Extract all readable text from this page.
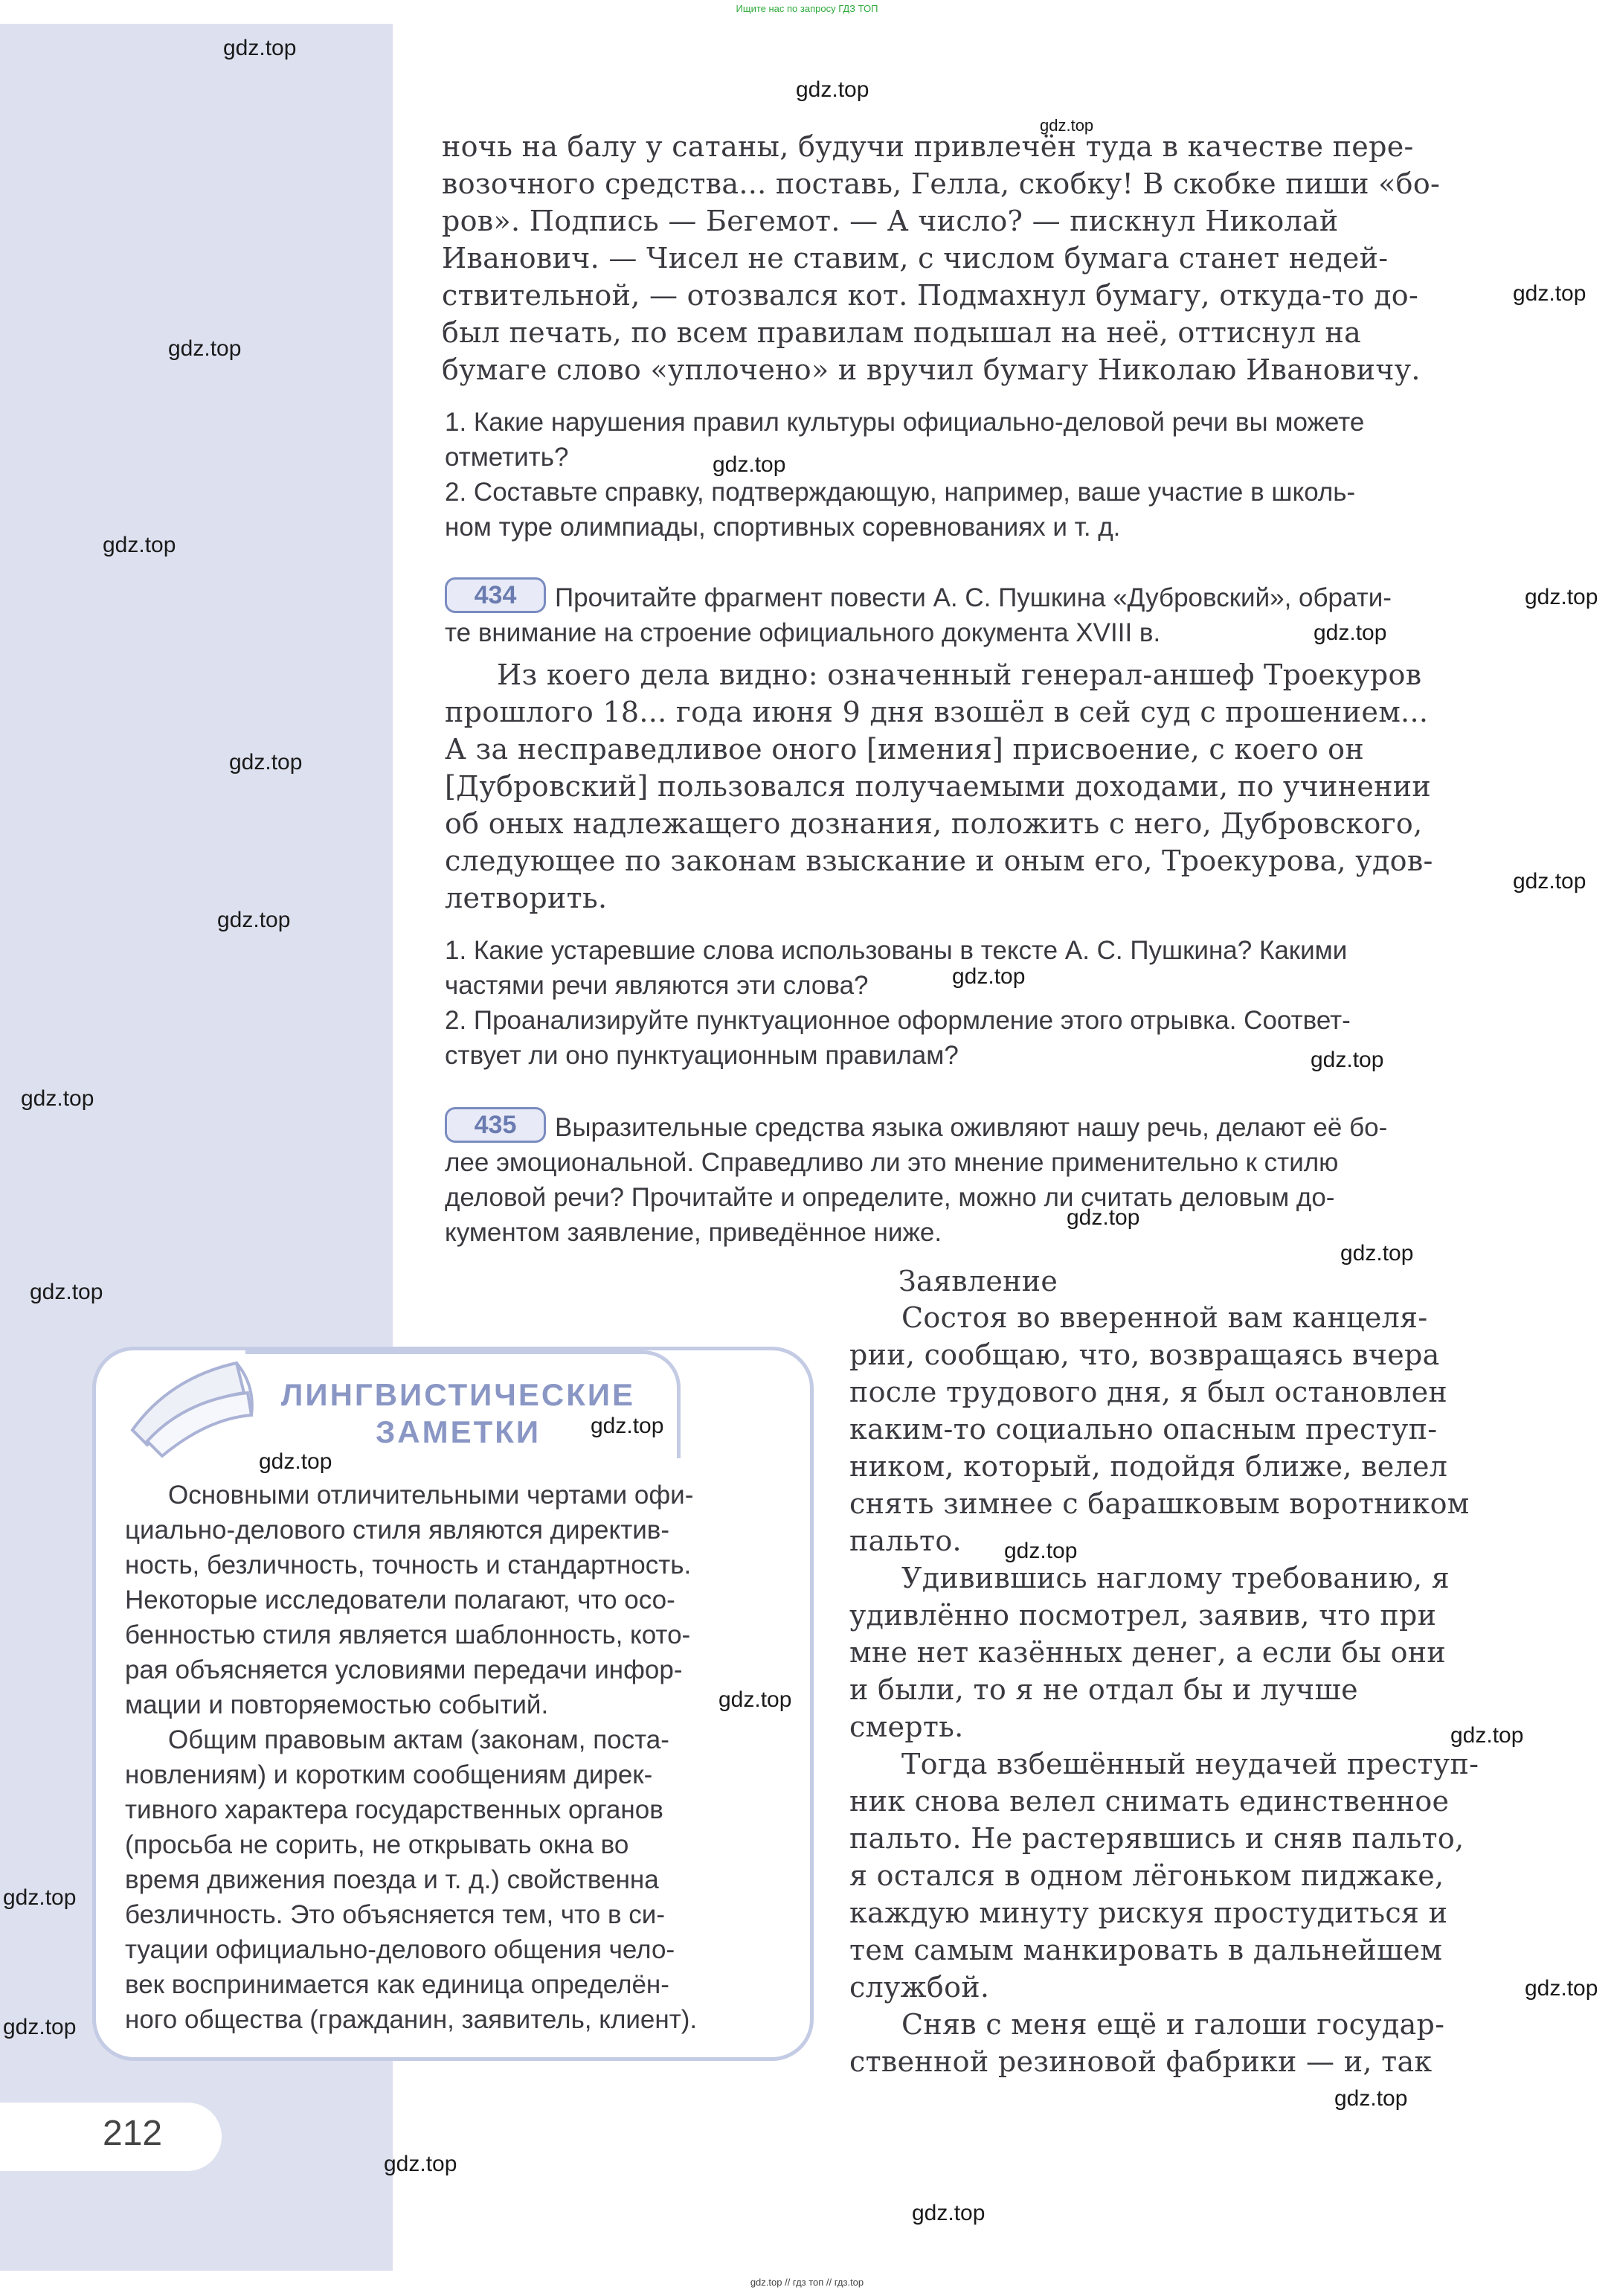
Ищите нас по запросу ГДЗ ТОП
ночь на балу у сатаны, будучи привлечён туда в качестве пере-
возочного средства... поставь, Гелла, скобку! В скобке пиши «бо-
ров». Подпись — Бегемот. — А число? — пискнул Николай
Иванович. — Чисел не ставим, с числом бумага станет недей-
ствительной, — отозвался кот. Подмахнул бумагу, откуда-то до-
был печать, по всем правилам подышал на неё, оттиснул на
бумаге слово «уплочено» и вручил бумагу Николаю Ивановичу.
1. Какие нарушения правил культуры официально-деловой речи вы можете
отметить?
2. Составьте справку, подтверждающую, например, ваше участие в школь-
ном туре олимпиады, спортивных соревнованиях и т. д.
434	Прочитайте фрагмент повести А. С. Пушкина «Дубровский», обрати-
те внимание на строение официального документа XVIII в.
Из коего дела видно: означенный генерал-аншеф Троекуров
прошлого 18... года июня 9 дня взошёл в сей суд с прошением...
А за несправедливое оного [имения] присвоение, с коего он
[Дубровский] пользовался получаемыми доходами, по учинении
об оных надлежащего дознания, положить с него, Дубровского,
следующее по законам взыскание и оным его, Троекурова, удов-
летворить.
1. Какие устаревшие слова использованы в тексте А. С. Пушкина? Какими
частями речи являются эти слова?
2. Проанализируйте пунктуационное оформление этого отрывка. Соответ-
ствует ли оно пунктуационным правилам?
435	Выразительные средства языка оживляют нашу речь, делают её бо-
лее эмоциональной. Справедливо ли это мнение применительно к стилю
деловой речи? Прочитайте и определите, можно ли считать деловым до-
кументом заявление, приведённое ниже.
Заявление
Состоя во вверенной вам канцеля-
рии, сообщаю, что, возвращаясь вчера
после трудового дня, я был остановлен
каким-то социально опасным преступ-
ником, который, подойдя ближе, велел
снять зимнее с барашковым воротником
пальто.
Удивившись наглому требованию, я
удивлённо посмотрел, заявив, что при
мне нет казённых денег, а если бы они
и были, то я не отдал бы и лучше
смерть.
Тогда взбешённый неудачей преступ-
ник снова велел снимать единственное
пальто. Не растерявшись и сняв пальто,
я остался в одном лёгоньком пиджаке,
каждую минуту рискуя простудиться и
тем самым манкировать в дальнейшем
службой.
Сняв с меня ещё и галоши государ-
ственной резиновой фабрики — и, так
ЛИНГВИСТИЧЕСКИЕ
ЗАМЕТКИ
Основными отличительными чертами офи-
циально-делового стиля являются директив-
ность, безличность, точность и стандартность.
Некоторые исследователи полагают, что осо-
бенностью стиля является шаблонность, кото-
рая объясняется условиями передачи инфор-
мации и повторяемостью событий.
Общим правовым актам (законам, поста-
новлениям) и коротким сообщениям дирек-
тивного характера государственных органов
(просьба не сорить, не открывать окна во
время движения поезда и т. д.) свойственна
безличность. Это объясняется тем, что в си-
туации официально-делового общения чело-
век воспринимается как единица определён-
ного общества (гражданин, заявитель, клиент).
212
gdz.top
gdz.top
gdz.top
gdz.top
gdz.top
gdz.top
gdz.top
gdz.top
gdz.top
gdz.top
gdz.top
gdz.top
gdz.top
gdz.top
gdz.top
gdz.top
gdz.top
gdz.top
gdz.top
gdz.top
gdz.top
gdz.top
gdz.top
gdz.top
gdz.top
gdz.top
gdz.top
gdz.top
gdz.top
gdz.top // гдз топ // гдз.top
